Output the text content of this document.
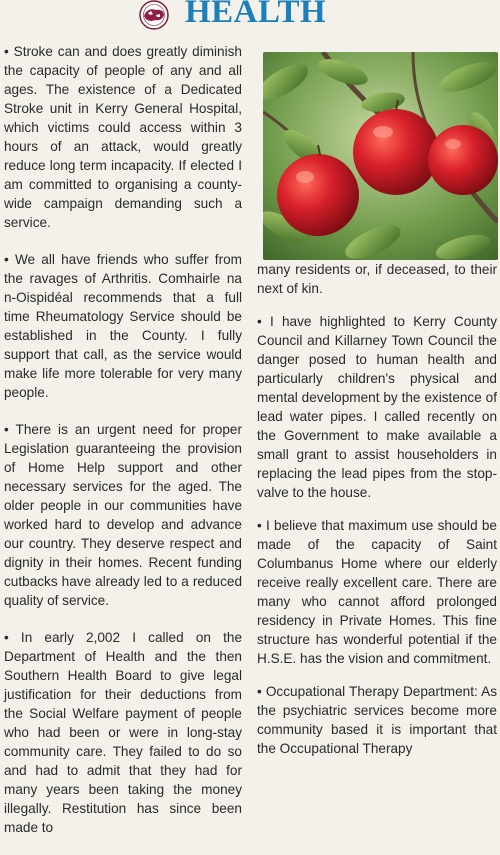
HEALTH

• Stroke can and does greatly diminish the capacity of people of any and all ages. The existence of a Dedicated Stroke unit in Kerry General Hospital, which victims could access within 3 hours of an attack, would greatly reduce long term incapacity. If elected I am committed to organising a county-wide campaign demanding such a service.

• We all have friends who suffer from the ravages of Arthritis. Comhairle na n-Oispidéal recommends that a full time Rheumatology Service should be established in the County. I fully support that call, as the service would make life more tolerable for very many people.

• There is an urgent need for proper Legislation guaranteeing the provision of Home Help support and other necessary services for the aged. The older people in our communities have worked hard to develop and advance our country. They deserve respect and dignity in their homes. Recent funding cutbacks have already led to a reduced quality of service.

• In early 2,002 I called on the Department of Health and the then Southern Health Board to give legal justification for their deductions from the Social Welfare payment of people who had been or were in long-stay community care. They failed to do so and had to admit that they had for many years been taking the money illegally. Restitution has since been made to

many residents or, if deceased, to their next of kin.

• I have highlighted to Kerry County Council and Killarney Town Council the danger posed to human health and particularly children's physical and mental development by the existence of lead water pipes. I called recently on the Government to make available a small grant to assist householders in replacing the lead pipes from the stop-valve to the house.

• I believe that maximum use should be made of the capacity of Saint Columbanus Home where our elderly receive really excellent care. There are many who cannot afford prolonged residency in Private Homes. This fine structure has wonderful potential if the H.S.E. has the vision and commitment.

• Occupational Therapy Department: As the psychiatric services become more community based it is important that the Occupational Therapy
